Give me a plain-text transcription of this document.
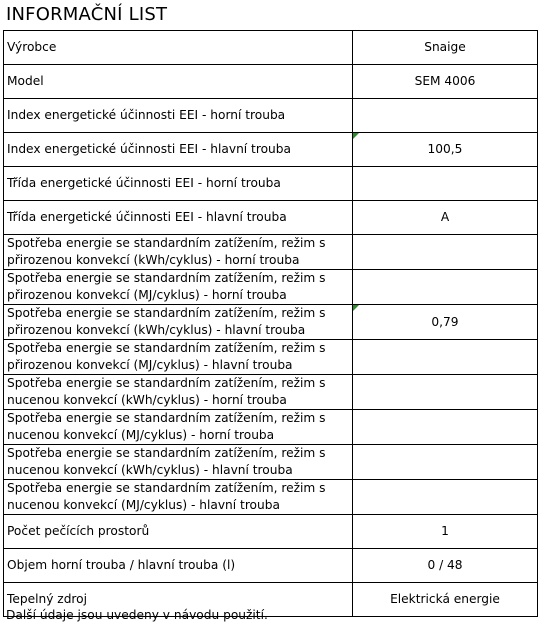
INFORMAČNÍ LIST
Výrobce	Snaige
Model	SEM 4006
Index energetické účinnosti EEI - horní trouba	
Index energetické účinnosti EEI - hlavní trouba	100,5
Třída energetické účinnosti EEI - horní trouba	
Třída energetické účinnosti EEI - hlavní trouba	A
Spotřeba energie se standardním zatížením, režim s přirozenou konvekcí (kWh/cyklus) - horní trouba	
Spotřeba energie se standardním zatížením, režim s přirozenou konvekcí (MJ/cyklus) - horní trouba	
Spotřeba energie se standardním zatížením, režim s přirozenou konvekcí (kWh/cyklus) - hlavní trouba	0,79
Spotřeba energie se standardním zatížením, režim s přirozenou konvekcí (MJ/cyklus) - hlavní trouba	
Spotřeba energie se standardním zatížením, režim s nucenou konvekcí (kWh/cyklus) - horní trouba	
Spotřeba energie se standardním zatížením, režim s nucenou konvekcí (MJ/cyklus) - horní trouba	
Spotřeba energie se standardním zatížením, režim s nucenou konvekcí (kWh/cyklus) - hlavní trouba	
Spotřeba energie se standardním zatížením, režim s nucenou konvekcí (MJ/cyklus) - hlavní trouba	
Počet pečících prostorů	1
Objem horní trouba / hlavní trouba (l)	0 / 48
Tepelný zdroj	Elektrická energie
Další údaje jsou uvedeny v návodu použití.
